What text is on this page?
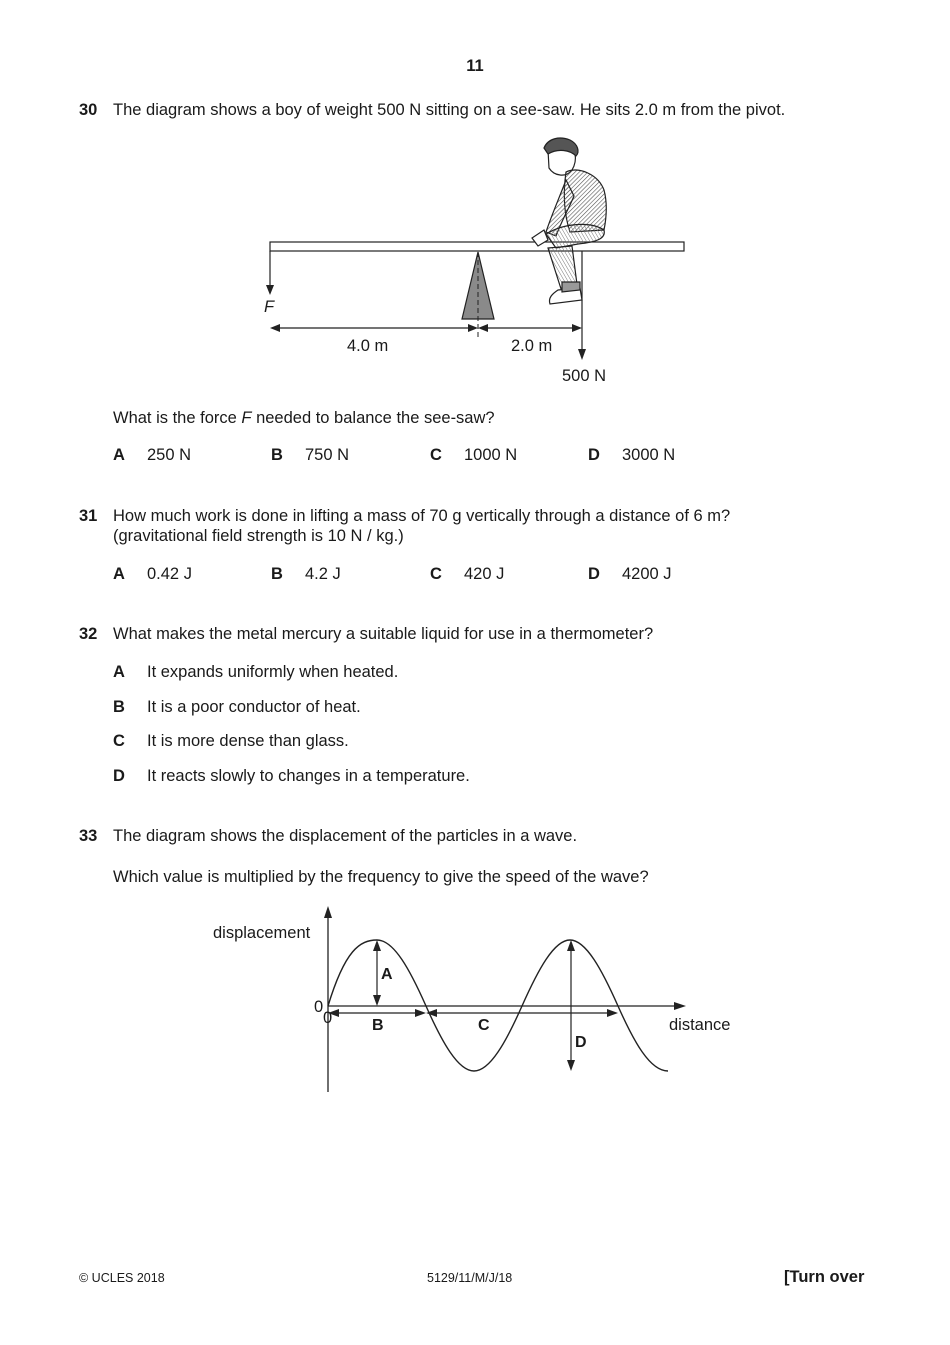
11
30 The diagram shows a boy of weight 500 N sitting on a see-saw. He sits 2.0 m from the pivot.
F
4.0 m	2.0 m
500 N
What is the force F needed to balance the see-saw?
A 250 N	B 750 N	C 1000 N	D 3000 N
31 How much work is done in lifting a mass of 70 g vertically through a distance of 6 m?
(gravitational field strength is 10 N / kg.)
A 0.42 J	B 4.2 J	C 420 J	D 4200 J
32 What makes the metal mercury a suitable liquid for use in a thermometer?
A It expands uniformly when heated.
B It is a poor conductor of heat.
C It is more dense than glass.
D It reacts slowly to changes in a temperature.
33 The diagram shows the displacement of the particles in a wave.
Which value is multiplied by the frequency to give the speed of the wave?
displacement
distance
0
0
A
B	C
D
© UCLES 2018	5129/11/M/J/18	[Turn over
